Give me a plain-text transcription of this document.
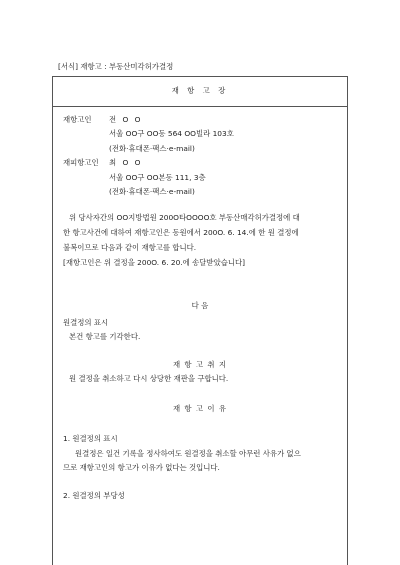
[서식] 재항고 : 부동산미각허가결정
재 항 고 장
재항고인 전 O O
서울 OO구 OO동 564 OO빌라 103호
(전화·휴대폰·팩스·e-mail)
재피항고인 최 O O
서울 OO구 OO본동 111, 3층
(전화·휴대폰·팩스·e-mail)
위 당사자간의 OO지방법원 200O타OOOO호 부동산매각허가결정에 대
한 항고사건에 대하여 재항고인은 동원에서 200O. 6. 14.에 한 원 결정에
불복이므로 다음과 같이 재항고를 합니다.
[재항고인은 위 결정을 200O. 6. 20.에 송달받았습니다]
다 음
원결정의 표시
본건 항고를 기각한다.
재 항 고 취 지
원 결정을 취소하고 다시 상당한 재판을 구합니다.
재 항 고 이 유
1. 원결정의 표시
원결정은 일건 기록을 정사하여도 원결정을 취소할 아무런 사유가 없으
므로 재항고인의 항고가 이유가 없다는 것입니다.
2. 원결정의 부당성
